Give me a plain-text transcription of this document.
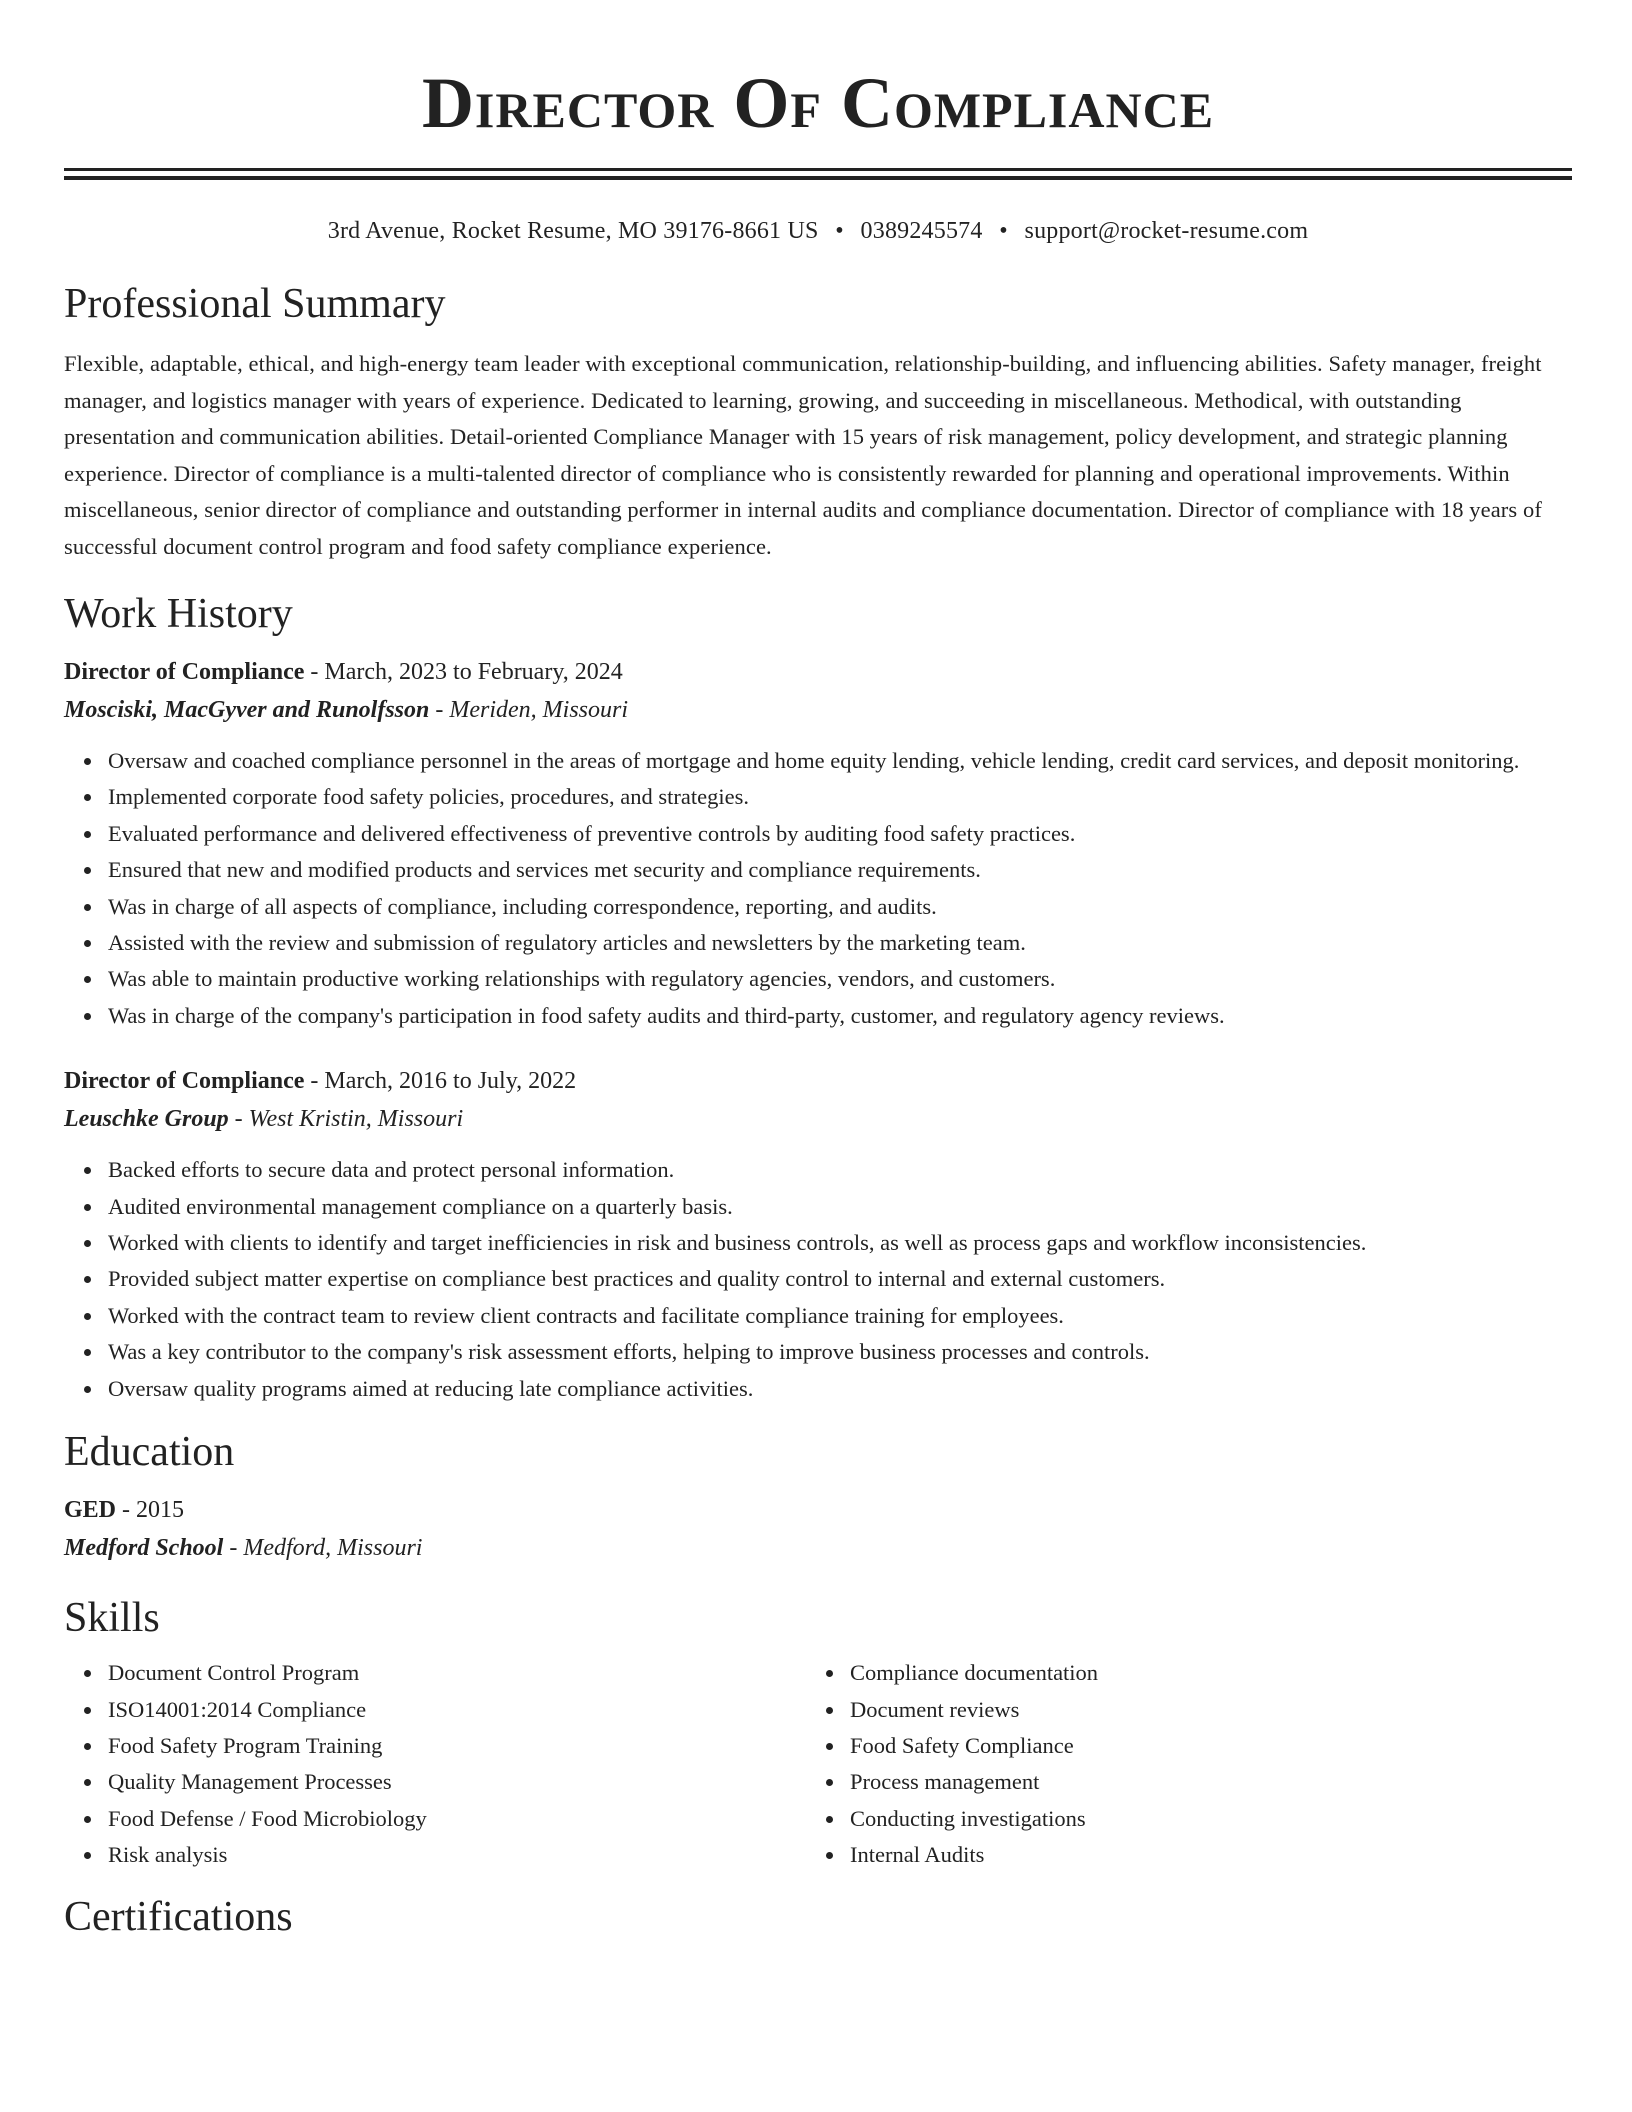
Director Of Compliance
3rd Avenue, Rocket Resume, MO 39176-8661 US • 0389245574 • support@rocket-resume.com
Professional Summary

Flexible, adaptable, ethical, and high-energy team leader with exceptional communication, relationship-building, and influencing abilities. Safety manager, freight manager, and logistics manager with years of experience. Dedicated to learning, growing, and succeeding in miscellaneous. Methodical, with outstanding presentation and communication abilities. Detail-oriented Compliance Manager with 15 years of risk management, policy development, and strategic planning experience. Director of compliance is a multi-talented director of compliance who is consistently rewarded for planning and operational improvements. Within miscellaneous, senior director of compliance and outstanding performer in internal audits and compliance documentation. Director of compliance with 18 years of successful document control program and food safety compliance experience.

Work History
Director of Compliance - March, 2023 to February, 2024
Mosciski, MacGyver and Runolfsson - Meriden, Missouri
Oversaw and coached compliance personnel in the areas of mortgage and home equity lending, vehicle lending, credit card services, and deposit monitoring.
Implemented corporate food safety policies, procedures, and strategies.
Evaluated performance and delivered effectiveness of preventive controls by auditing food safety practices.
Ensured that new and modified products and services met security and compliance requirements.
Was in charge of all aspects of compliance, including correspondence, reporting, and audits.
Assisted with the review and submission of regulatory articles and newsletters by the marketing team.
Was able to maintain productive working relationships with regulatory agencies, vendors, and customers.
Was in charge of the company's participation in food safety audits and third-party, customer, and regulatory agency reviews.
Director of Compliance - March, 2016 to July, 2022
Leuschke Group - West Kristin, Missouri
Backed efforts to secure data and protect personal information.
Audited environmental management compliance on a quarterly basis.
Worked with clients to identify and target inefficiencies in risk and business controls, as well as process gaps and workflow inconsistencies.
Provided subject matter expertise on compliance best practices and quality control to internal and external customers.
Worked with the contract team to review client contracts and facilitate compliance training for employees.
Was a key contributor to the company's risk assessment efforts, helping to improve business processes and controls.
Oversaw quality programs aimed at reducing late compliance activities.
Education
GED - 2015
Medford School - Medford, Missouri
Skills
Document Control Program
ISO14001:2014 Compliance
Food Safety Program Training
Quality Management Processes
Food Defense / Food Microbiology
Risk analysis
Compliance documentation
Document reviews
Food Safety Compliance
Process management
Conducting investigations
Internal Audits
Certifications
